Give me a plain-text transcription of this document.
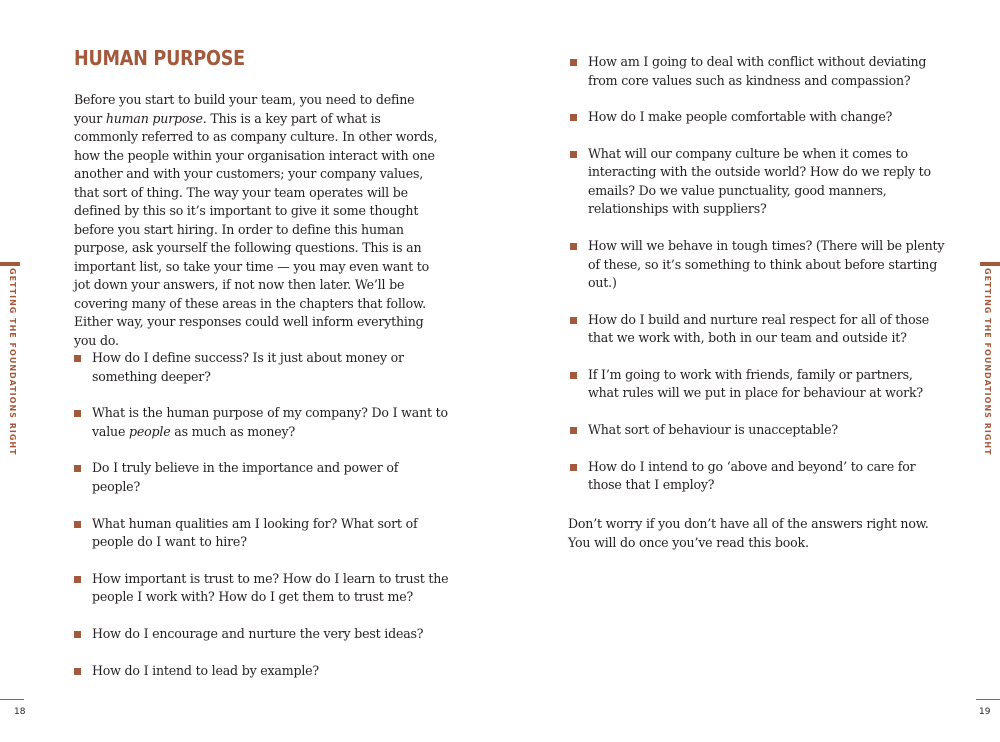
GETTING THE FOUNDATIONS RIGHT
HUMAN PURPOSE

Before you start to build your team, you need to define your human purpose. This is a key part of what is commonly referred to as company culture. In other words, how the people within your organisation interact with one another and with your customers; your company values, that sort of thing. The way your team operates will be defined by this so it’s important to give it some thought before you start hiring. In order to define this human purpose, ask yourself the following questions. This is an important list, so take your time — you may even want to jot down your answers, if not now then later. We’ll be covering many of these areas in the chapters that follow. Either way, your responses could well inform everything you do.

How do I define success? Is it just about money or something deeper?
What is the human purpose of my company? Do I want to value people as much as money?
Do I truly believe in the importance and power of people?
What human qualities am I looking for? What sort of people do I want to hire?
How important is trust to me? How do I learn to trust the people I work with? How do I get them to trust me?
How do I encourage and nurture the very best ideas?
How do I intend to lead by example?
18
How am I going to deal with conflict without deviating from core values such as kindness and compassion?
How do I make people comfortable with change?
What will our company culture be when it comes to interacting with the outside world? How do we reply to emails? Do we value punctuality, good manners, relationships with suppliers?
How will we behave in tough times? (There will be plenty of these, so it’s something to think about before starting out.)
How do I build and nurture real respect for all of those that we work with, both in our team and outside it?
If I’m going to work with friends, family or partners, what rules will we put in place for behaviour at work?
What sort of behaviour is unacceptable?
How do I intend to go ‘above and beyond’ to care for those that I employ?

Don’t worry if you don’t have all of the answers right now. You will do once you’ve read this book.

GETTING THE FOUNDATIONS RIGHT
19
